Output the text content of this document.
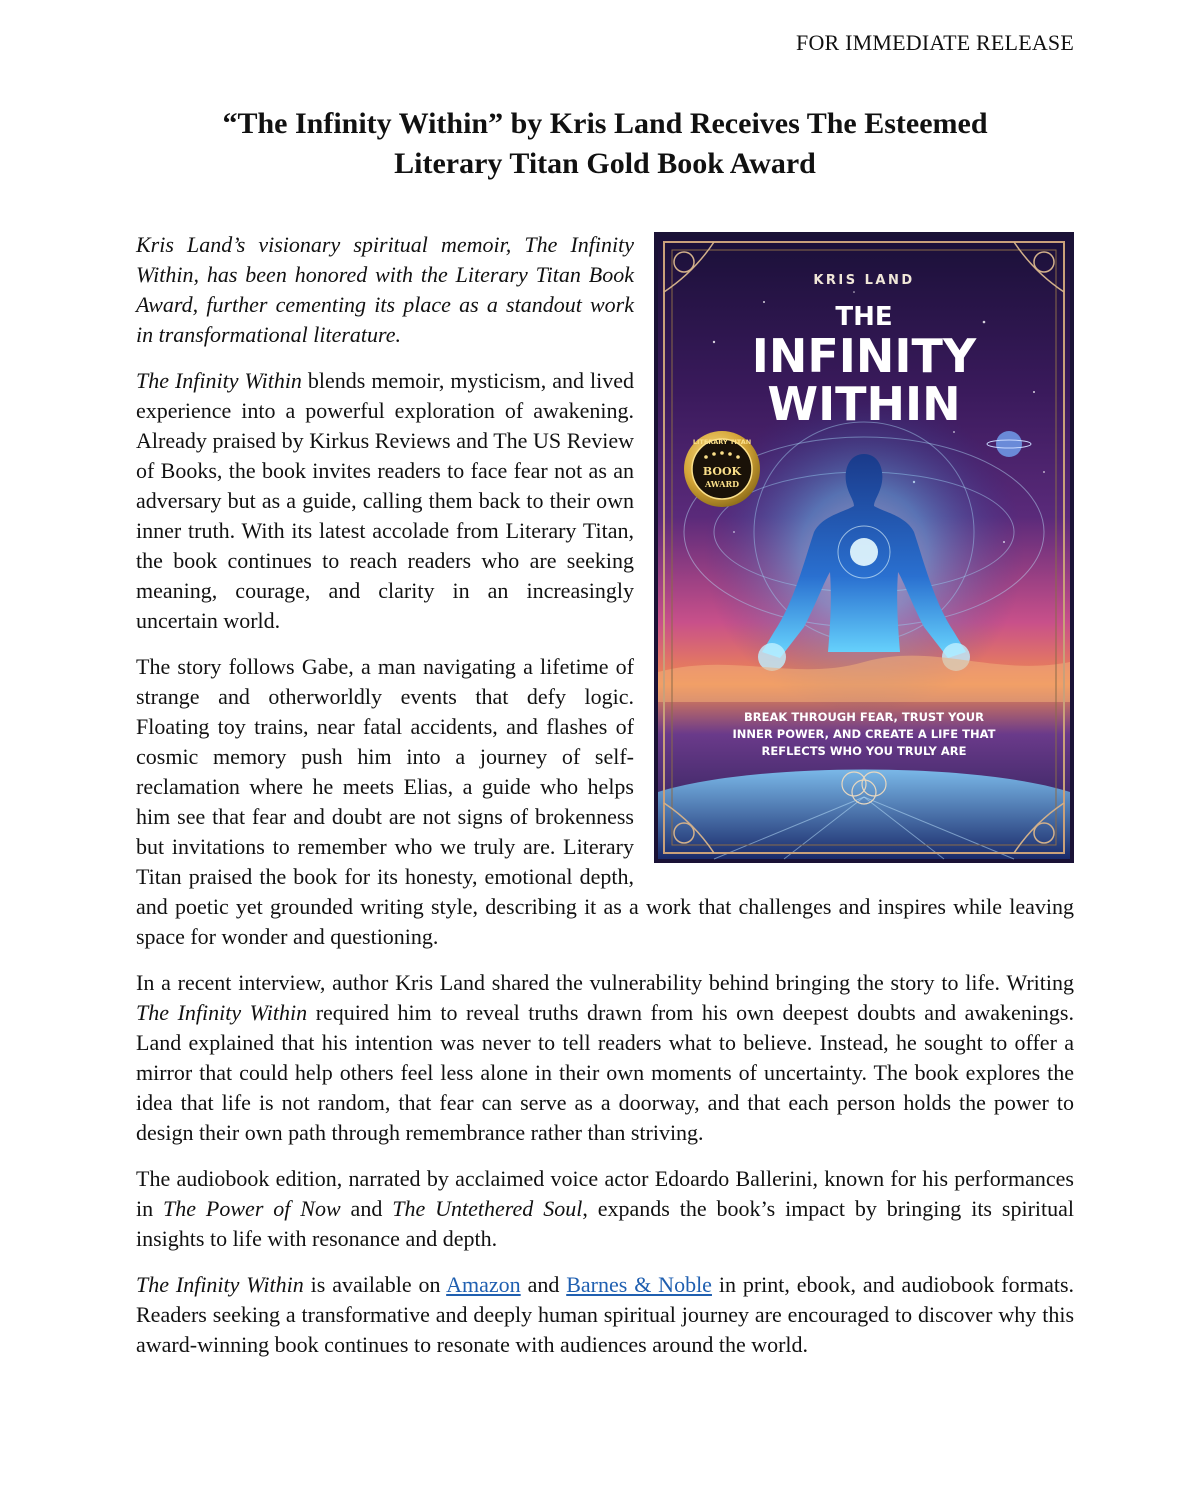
FOR IMMEDIATE RELEASE
“The Infinity Within” by Kris Land Receives The Esteemed
Literary Titan Gold Book Award
KRIS LAND
THE
INFINITY
WITHIN
LITERARY TITAN
BOOK
AWARD
BREAK THROUGH FEAR, TRUST YOUR
INNER POWER, AND CREATE A LIFE THAT
REFLECTS WHO YOU TRULY ARE

Kris Land’s visionary spiritual memoir, The Infinity Within, has been honored with the Literary Titan Book Award, further cementing its place as a standout work in transformational literature.

The Infinity Within blends memoir, mysticism, and lived experience into a powerful exploration of awakening. Already praised by Kirkus Reviews and The US Review of Books, the book invites readers to face fear not as an adversary but as a guide, calling them back to their own inner truth. With its latest accolade from Literary Titan, the book continues to reach readers who are seeking meaning, courage, and clarity in an increasingly uncertain world.

The story follows Gabe, a man navigating a lifetime of strange and otherworldly events that defy logic. Floating toy trains, near fatal accidents, and flashes of cosmic memory push him into a journey of self-reclamation where he meets Elias, a guide who helps him see that fear and doubt are not signs of brokenness but invitations to remember who we truly are. Literary Titan praised the book for its honesty, emotional depth, and poetic yet grounded writing style, describing it as a work that challenges and inspires while leaving space for wonder and questioning.

In a recent interview, author Kris Land shared the vulnerability behind bringing the story to life. Writing The Infinity Within required him to reveal truths drawn from his own deepest doubts and awakenings. Land explained that his intention was never to tell readers what to believe. Instead, he sought to offer a mirror that could help others feel less alone in their own moments of uncertainty. The book explores the idea that life is not random, that fear can serve as a doorway, and that each person holds the power to design their own path through remembrance rather than striving.

The audiobook edition, narrated by acclaimed voice actor Edoardo Ballerini, known for his performances in The Power of Now and The Untethered Soul, expands the book’s impact by bringing its spiritual insights to life with resonance and depth.

The Infinity Within is available on Amazon and Barnes & Noble in print, ebook, and audiobook formats. Readers seeking a transformative and deeply human spiritual journey are encouraged to discover why this award-winning book continues to resonate with audiences around the world.
